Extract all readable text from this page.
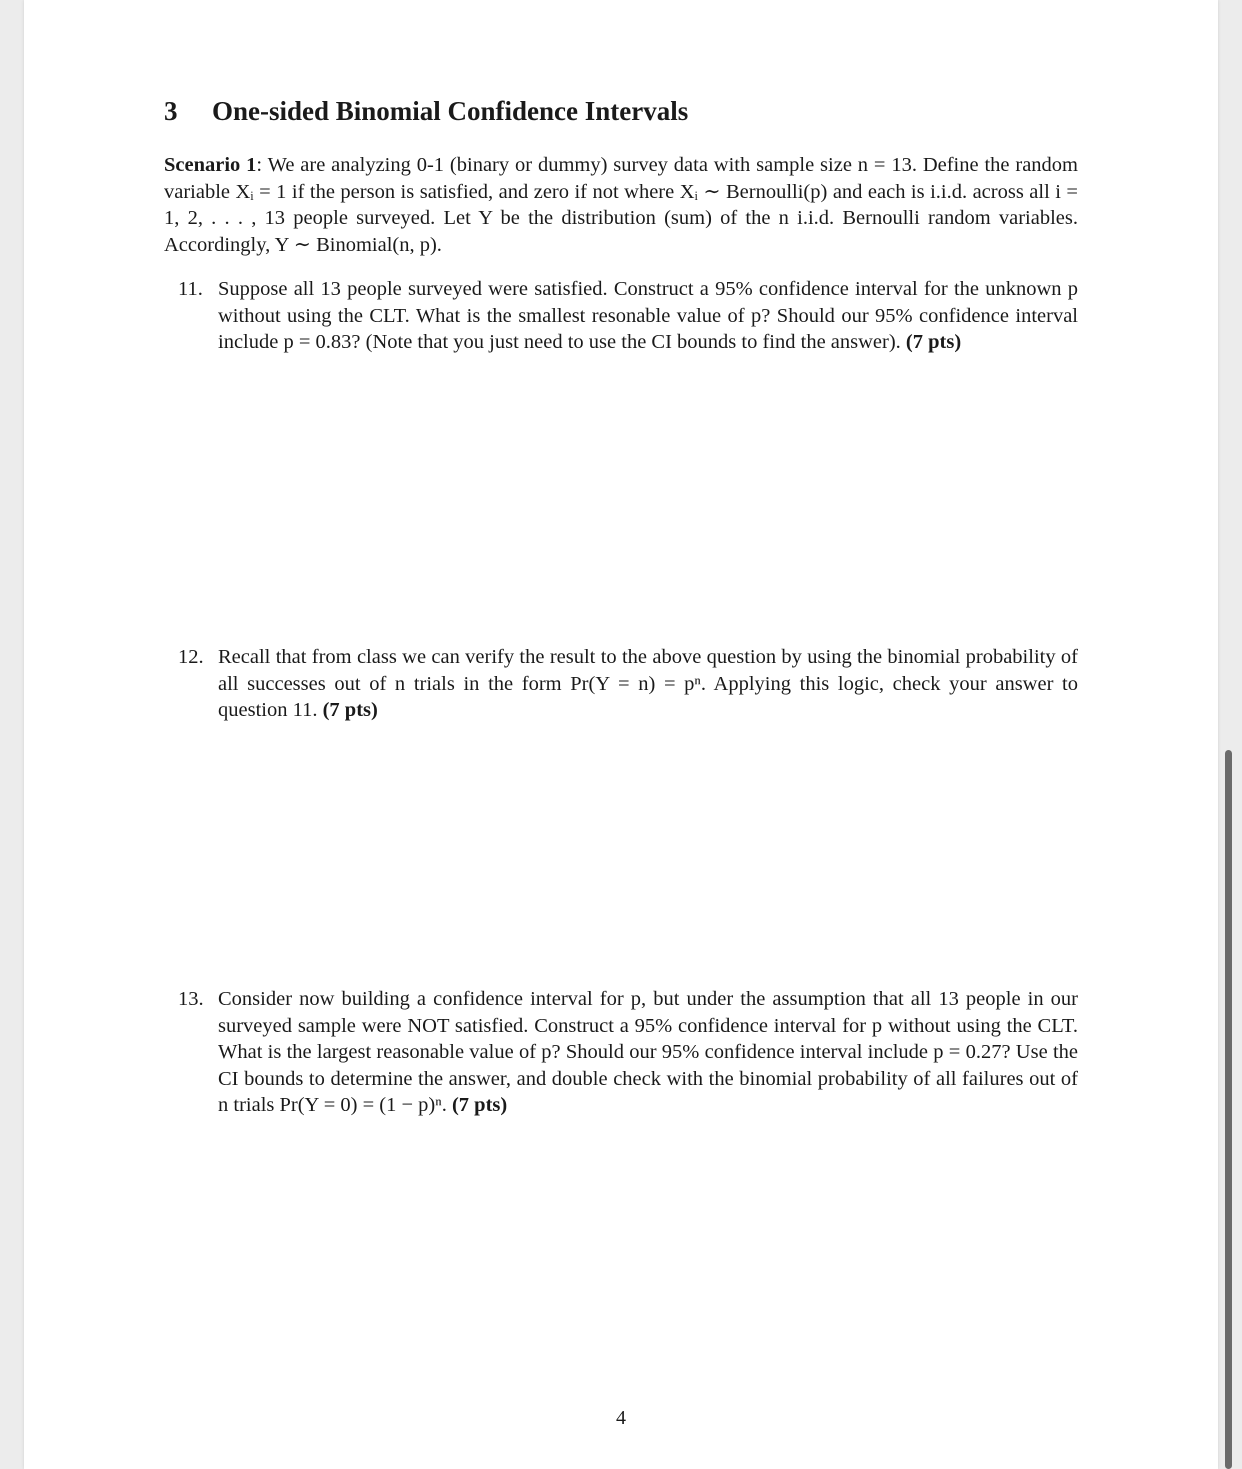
3 One-sided Binomial Confidence Intervals
Scenario 1: We are analyzing 0-1 (binary or dummy) survey data with sample size n = 13. Define the random variable Xᵢ = 1 if the person is satisfied, and zero if not where Xᵢ ∼ Bernoulli(p) and each is i.i.d. across all i = 1, 2, . . . , 13 people surveyed. Let Y be the distribution (sum) of the n i.i.d. Bernoulli random variables. Accordingly, Y ∼ Binomial(n, p).
11. Suppose all 13 people surveyed were satisfied. Construct a 95% confidence interval for the unknown p without using the CLT. What is the smallest resonable value of p? Should our 95% confidence interval include p = 0.83? (Note that you just need to use the CI bounds to find the answer). (7 pts)
12. Recall that from class we can verify the result to the above question by using the binomial probability of all successes out of n trials in the form Pr(Y = n) = pⁿ. Applying this logic, check your answer to question 11. (7 pts)
13. Consider now building a confidence interval for p, but under the assumption that all 13 people in our surveyed sample were NOT satisfied. Construct a 95% confidence interval for p without using the CLT. What is the largest reasonable value of p? Should our 95% confidence interval include p = 0.27? Use the CI bounds to determine the answer, and double check with the binomial probability of all failures out of n trials Pr(Y = 0) = (1 − p)ⁿ. (7 pts)
4
